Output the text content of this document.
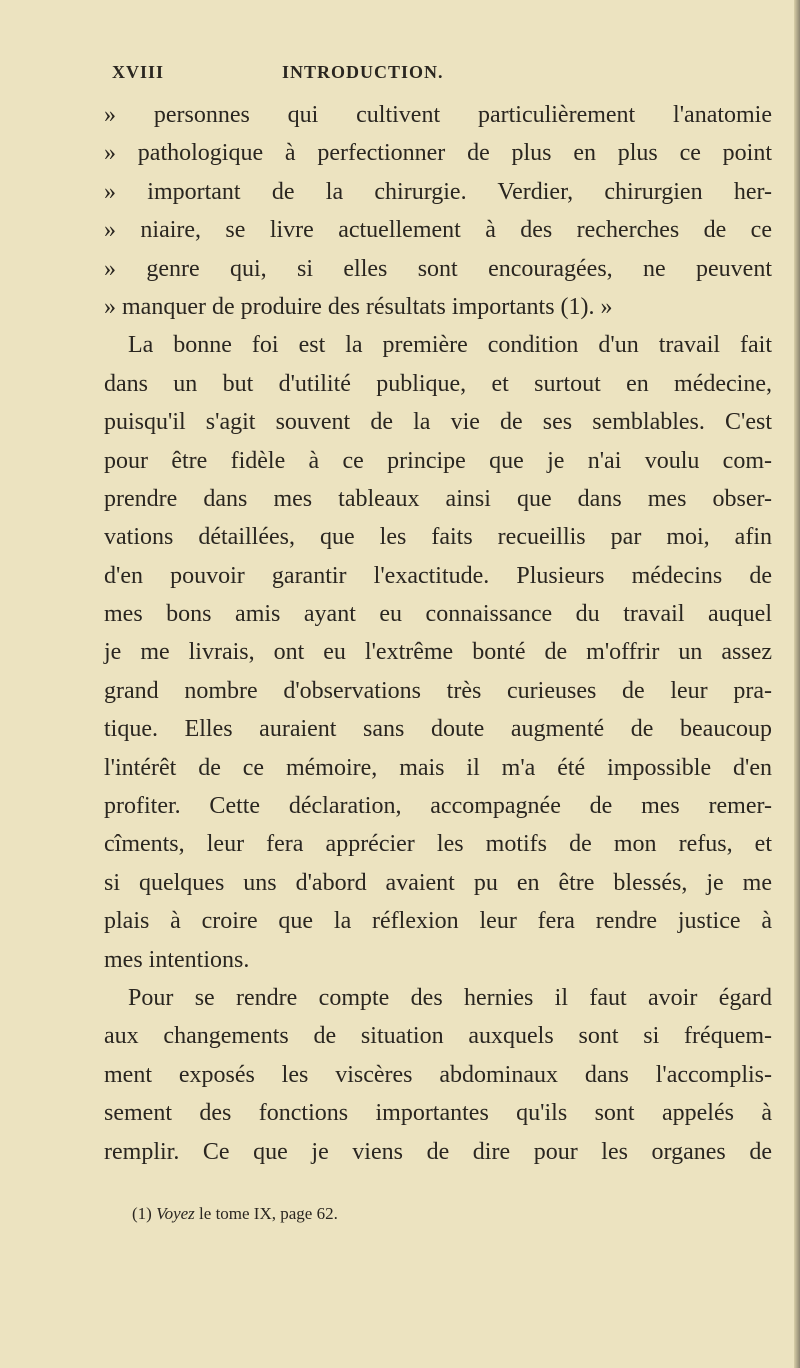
XVIII	INTRODUCTION.
» personnes qui cultivent particulièrement l'anatomie
» pathologique à perfectionner de plus en plus ce point
» important de la chirurgie. Verdier, chirurgien her-
» niaire, se livre actuellement à des recherches de ce
» genre qui, si elles sont encouragées, ne peuvent
» manquer de produire des résultats importants (1). »
La bonne foi est la première condition d'un travail fait
dans un but d'utilité publique, et surtout en médecine,
puisqu'il s'agit souvent de la vie de ses semblables. C'est
pour être fidèle à ce principe que je n'ai voulu com-
prendre dans mes tableaux ainsi que dans mes obser-
vations détaillées, que les faits recueillis par moi, afin
d'en pouvoir garantir l'exactitude. Plusieurs médecins de
mes bons amis ayant eu connaissance du travail auquel
je me livrais, ont eu l'extrême bonté de m'offrir un assez
grand nombre d'observations très curieuses de leur pra-
tique. Elles auraient sans doute augmenté de beaucoup
l'intérêt de ce mémoire, mais il m'a été impossible d'en
profiter. Cette déclaration, accompagnée de mes remer-
cîments, leur fera apprécier les motifs de mon refus, et
si quelques uns d'abord avaient pu en être blessés, je me
plais à croire que la réflexion leur fera rendre justice à
mes intentions.
Pour se rendre compte des hernies il faut avoir égard
aux changements de situation auxquels sont si fréquem-
ment exposés les viscères abdominaux dans l'accomplis-
sement des fonctions importantes qu'ils sont appelés à
remplir. Ce que je viens de dire pour les organes de
(1) Voyez le tome IX, page 62.
